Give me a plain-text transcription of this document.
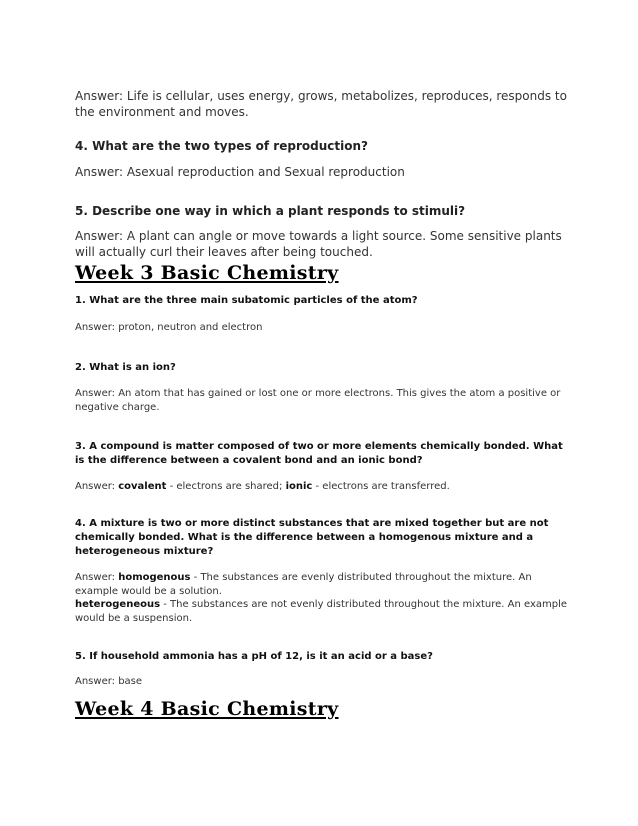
Answer: Life is cellular, uses energy, grows, metabolizes, reproduces, responds to the environment and moves.

4. What are the two types of reproduction?

Answer: Asexual reproduction and Sexual reproduction

5. Describe one way in which a plant responds to stimuli?

Answer: A plant can angle or move towards a light source. Some sensitive plants will actually curl their leaves after being touched.

Week 3 Basic Chemistry

1. What are the three main subatomic particles of the atom?

Answer: proton, neutron and electron

2. What is an ion?

Answer: An atom that has gained or lost one or more electrons. This gives the atom a positive or negative charge.

3. A compound is matter composed of two or more elements chemically bonded. What is the difference between a covalent bond and an ionic bond?

Answer: covalent - electrons are shared; ionic - electrons are transferred.

4. A mixture is two or more distinct substances that are mixed together but are not chemically bonded. What is the difference between a homogenous mixture and a heterogeneous mixture?

Answer: homogenous - The substances are evenly distributed throughout the mixture. An example would be a solution.
heterogeneous - The substances are not evenly distributed throughout the mixture. An example would be a suspension.

5. If household ammonia has a pH of 12, is it an acid or a base?

Answer: base

Week 4 Basic Chemistry
